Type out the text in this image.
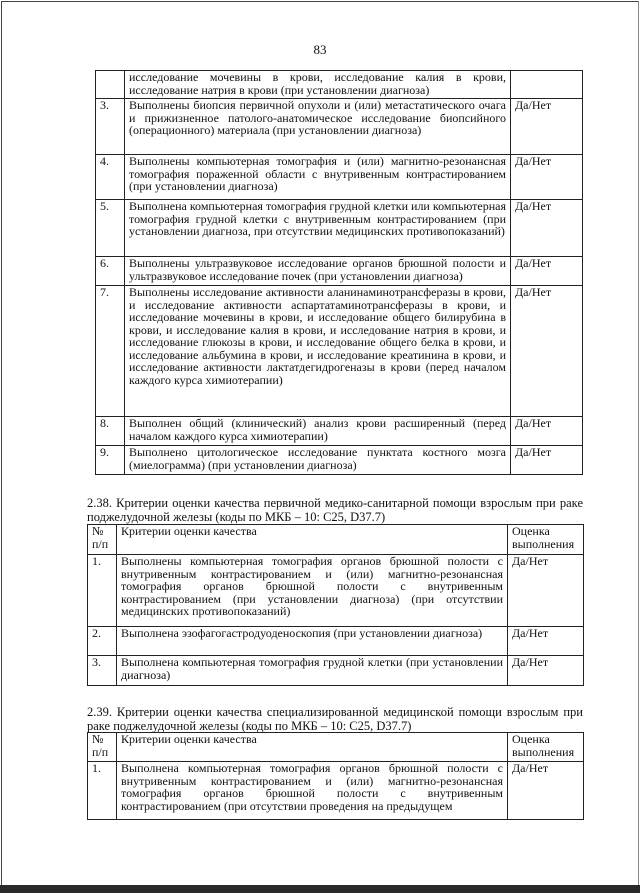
83
	исследование мочевины в крови, исследование калия в крови, исследование натрия в крови (при установлении диагноза)	
3.	Выполнены биопсия первичной опухоли и (или) метастатического очага и прижизненное патолого-анатомическое исследование биопсийного (операционного) материала (при установлении диагноза)	Да/Нет
4.	Выполнены компьютерная томография и (или) магнитно-резонансная томография пораженной области с внутривенным контрастированием (при установлении диагноза)	Да/Нет
5.	Выполнена компьютерная томография грудной клетки или компьютерная томография грудной клетки с внутривенным контрастированием (при установлении диагноза, при отсутствии медицинских противопоказаний)	Да/Нет
6.	Выполнены ультразвуковое исследование органов брюшной полости и ультразвуковое исследование почек (при установлении диагноза)	Да/Нет
7.	Выполнены исследование активности аланинаминотрансферазы в крови, и исследование активности аспартатаминотрансферазы в крови, и исследование мочевины в крови, и исследование общего билирубина в крови, и исследование калия в крови, и исследование натрия в крови, и исследование глюкозы в крови, и исследование общего белка в крови, и исследование альбумина в крови, и исследование креатинина в крови, и исследование активности лактатдегидрогеназы в крови (перед началом каждого курса химиотерапии)	Да/Нет
8.	Выполнен общий (клинический) анализ крови расширенный (перед началом каждого курса химиотерапии)	Да/Нет
9.	Выполнено цитологическое исследование пунктата костного мозга (миелограмма) (при установлении диагноза)	Да/Нет
2.38. Критерии оценки качества первичной медико-санитарной помощи взрослым при раке поджелудочной железы (коды по МКБ – 10: C25, D37.7)
№ п/п	Критерии оценки качества	Оценка выполнения
1.	Выполнены компьютерная томография органов брюшной полости с внутривенным контрастированием и (или) магнитно-резонансная томография органов брюшной полости с внутривенным контрастированием (при установлении диагноза) (при отсутствии медицинских противопоказаний)	Да/Нет
2.	Выполнена эзофагогастродуоденоскопия (при установлении диагноза)	Да/Нет
3.	Выполнена компьютерная томография грудной клетки (при установлении диагноза)	Да/Нет
2.39. Критерии оценки качества специализированной медицинской помощи взрослым при раке поджелудочной железы (коды по МКБ – 10: C25, D37.7)
№ п/п	Критерии оценки качества	Оценка выполнения
1.	Выполнена компьютерная томография органов брюшной полости с внутривенным контрастированием и (или) магнитно-резонансная томография органов брюшной полости с внутривенным контрастированием (при отсутствии проведения на предыдущем	Да/Нет
